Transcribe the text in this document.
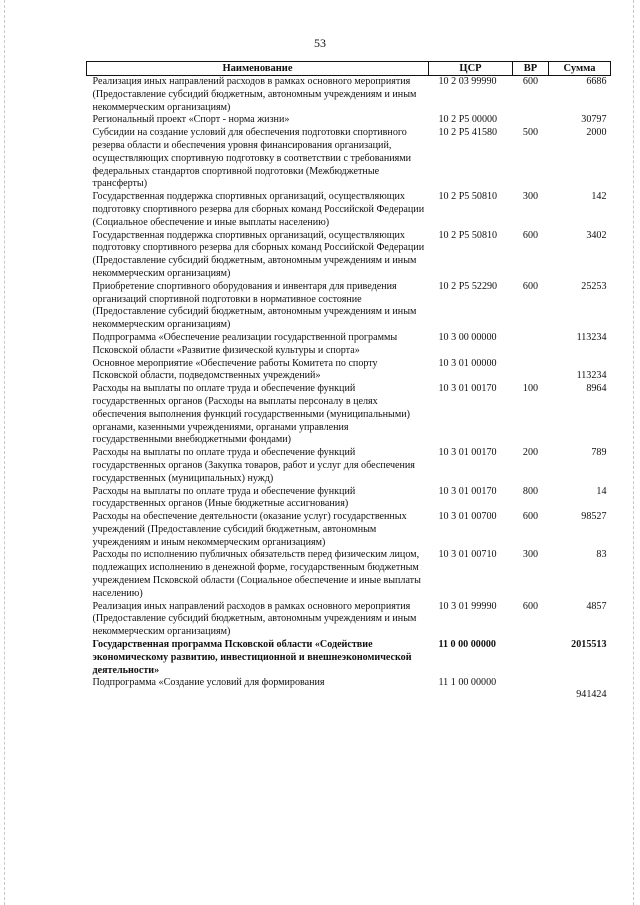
53
Наименование	ЦСР	ВР	Сумма
Реализация иных направлений расходов в рамках основного мероприятия (Предоставление субсидий бюджетным, автономным учреждениям и иным некоммерческим организациям)	10 2 03 99990	600	6686
Региональный проект «Спорт - норма жизни»	10 2 Р5 00000		30797
Субсидии на создание условий для обеспечения подготовки спортивного резерва области и обеспечения уровня финансирования организаций, осуществляющих спортивную подготовку в соответствии с требованиями федеральных стандартов спортивной подготовки (Межбюджетные трансферты)	10 2 Р5 41580	500	2000
Государственная поддержка спортивных организаций, осуществляющих подготовку спортивного резерва для сборных команд Российской Федерации (Социальное обеспечение и иные выплаты населению)	10 2 Р5 50810	300	142
Государственная поддержка спортивных организаций, осуществляющих подготовку спортивного резерва для сборных команд Российской Федерации (Предоставление субсидий бюджетным, автономным учреждениям и иным некоммерческим организациям)	10 2 Р5 50810	600	3402
Приобретение спортивного оборудования и инвентаря для приведения организаций спортивной подготовки в нормативное состояние (Предоставление субсидий бюджетным, автономным учреждениям и иным некоммерческим организациям)	10 2 Р5 52290	600	25253
Подпрограмма «Обеспечение реализации государственной программы Псковской области «Развитие физической культуры и спорта»	10 3 00 00000		113234
Основное мероприятие «Обеспечение работы Комитета по спорту Псковской области, подведомственных учреждений»	10 3 01 00000		113234
Расходы на выплаты по оплате труда и обеспечение функций государственных органов (Расходы на выплаты персоналу в целях обеспечения выполнения функций государственными (муниципальными) органами, казенными учреждениями, органами управления государственными внебюджетными фондами)	10 3 01 00170	100	8964
Расходы на выплаты по оплате труда и обеспечение функций государственных органов (Закупка товаров, работ и услуг для обеспечения государственных (муниципальных) нужд)	10 3 01 00170	200	789
Расходы на выплаты по оплате труда и обеспечение функций государственных органов (Иные бюджетные ассигнования)	10 3 01 00170	800	14
Расходы на обеспечение деятельности (оказание услуг) государственных учреждений (Предоставление субсидий бюджетным, автономным учреждениям и иным некоммерческим организациям)	10 3 01 00700	600	98527
Расходы по исполнению публичных обязательств перед физическим лицом, подлежащих исполнению в денежной форме, государственным бюджетным учреждением Псковской области (Социальное обеспечение и иные выплаты населению)	10 3 01 00710	300	83
Реализация иных направлений расходов в рамках основного мероприятия (Предоставление субсидий бюджетным, автономным учреждениям и иным некоммерческим организациям)	10 3 01 99990	600	4857
Государственная программа Псковской области «Содействие экономическому развитию, инвестиционной и внешнеэкономической деятельности»	11 0 00 00000		2015513
Подпрограмма «Создание условий для формирования	11 1 00 00000		941424
